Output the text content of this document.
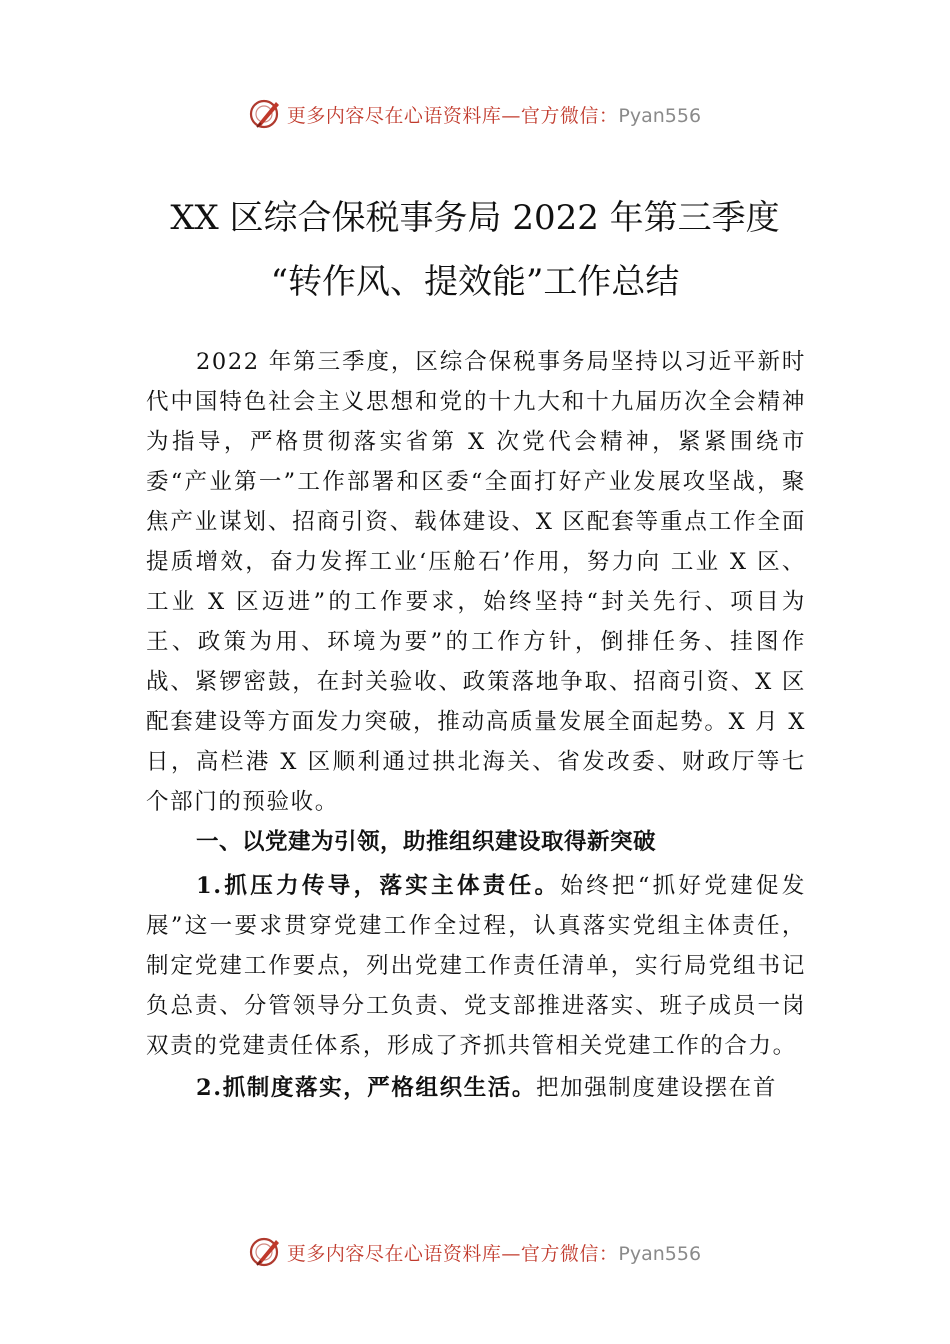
更多内容尽在心语资料库—官方微信：Pyan556
XX 区综合保税事务局 2022 年第三季度
“转作风、提效能”工作总结

2022 年第三季度，区综合保税事务局坚持以习近平新时代中国特色社会主义思想和党的十九大和十九届历次全会精神为指导，严格贯彻落实省第 X 次党代会精神，紧紧围绕市委“产业第一”工作部署和区委“全面打好产业发展攻坚战，聚焦产业谋划、招商引资、载体建设、X 区配套等重点工作全面提质增效，奋力发挥工业‘压舱石’作用，努力向 工业 X 区、工业 X 区迈进”的工作要求，始终坚持“封关先行、项目为王、政策为用、环境为要”的工作方针，倒排任务、挂图作战、紧锣密鼓，在封关验收、政策落地争取、招商引资、X 区配套建设等方面发力突破，推动高质量发展全面起势。X 月 X 日，高栏港 X 区顺利通过拱北海关、省发改委、财政厅等七个部门的预验收。

一、以党建为引领，助推组织建设取得新突破

1.抓压力传导，落实主体责任。始终把“抓好党建促发展”这一要求贯穿党建工作全过程，认真落实党组主体责任，制定党建工作要点，列出党建工作责任清单，实行局党组书记负总责、分管领导分工负责、党支部推进落实、班子成员一岗双责的党建责任体系，形成了齐抓共管相关党建工作的合力。

2.抓制度落实，严格组织生活。把加强制度建设摆在首

更多内容尽在心语资料库—官方微信：Pyan556
